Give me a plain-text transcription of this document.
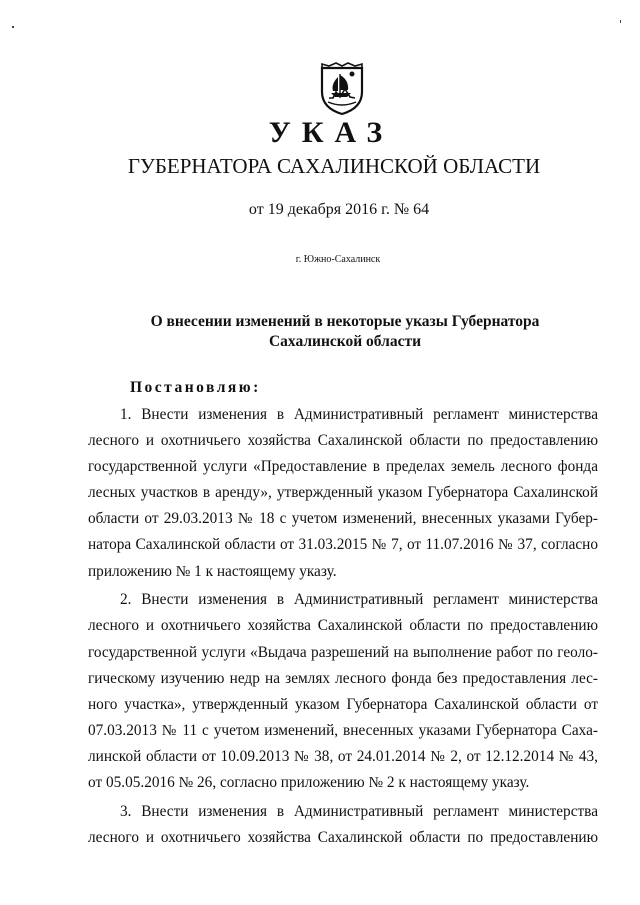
УКАЗ
ГУБЕРНАТОРА САХАЛИНСКОЙ ОБЛАСТИ
от 19 декабря 2016 г. № 64
г. Южно-Сахалинск
О внесении изменений в некоторые указы Губернатора
Сахалинской области
Постановляю:
1. Внести изменения в Административный регламент министерства
лесного и охотничьего хозяйства Сахалинской области по предоставлению
государственной услуги «Предоставление в пределах земель лесного фонда
лесных участков в аренду», утвержденный указом Губернатора Сахалинской
области от 29.03.2013 № 18 с учетом изменений, внесенных указами Губер-
натора Сахалинской области от 31.03.2015 № 7, от 11.07.2016 № 37, согласно
приложению № 1 к настоящему указу.
2. Внести изменения в Административный регламент министерства
лесного и охотничьего хозяйства Сахалинской области по предоставлению
государственной услуги «Выдача разрешений на выполнение работ по геоло-
гическому изучению недр на землях лесного фонда без предоставления лес-
ного участка», утвержденный указом Губернатора Сахалинской области от
07.03.2013 № 11 с учетом изменений, внесенных указами Губернатора Саха-
линской области от 10.09.2013 № 38, от 24.01.2014 № 2, от 12.12.2014 № 43,
от 05.05.2016 № 26, согласно приложению № 2 к настоящему указу.
3. Внести изменения в Административный регламент министерства
лесного и охотничьего хозяйства Сахалинской области по предоставлению
